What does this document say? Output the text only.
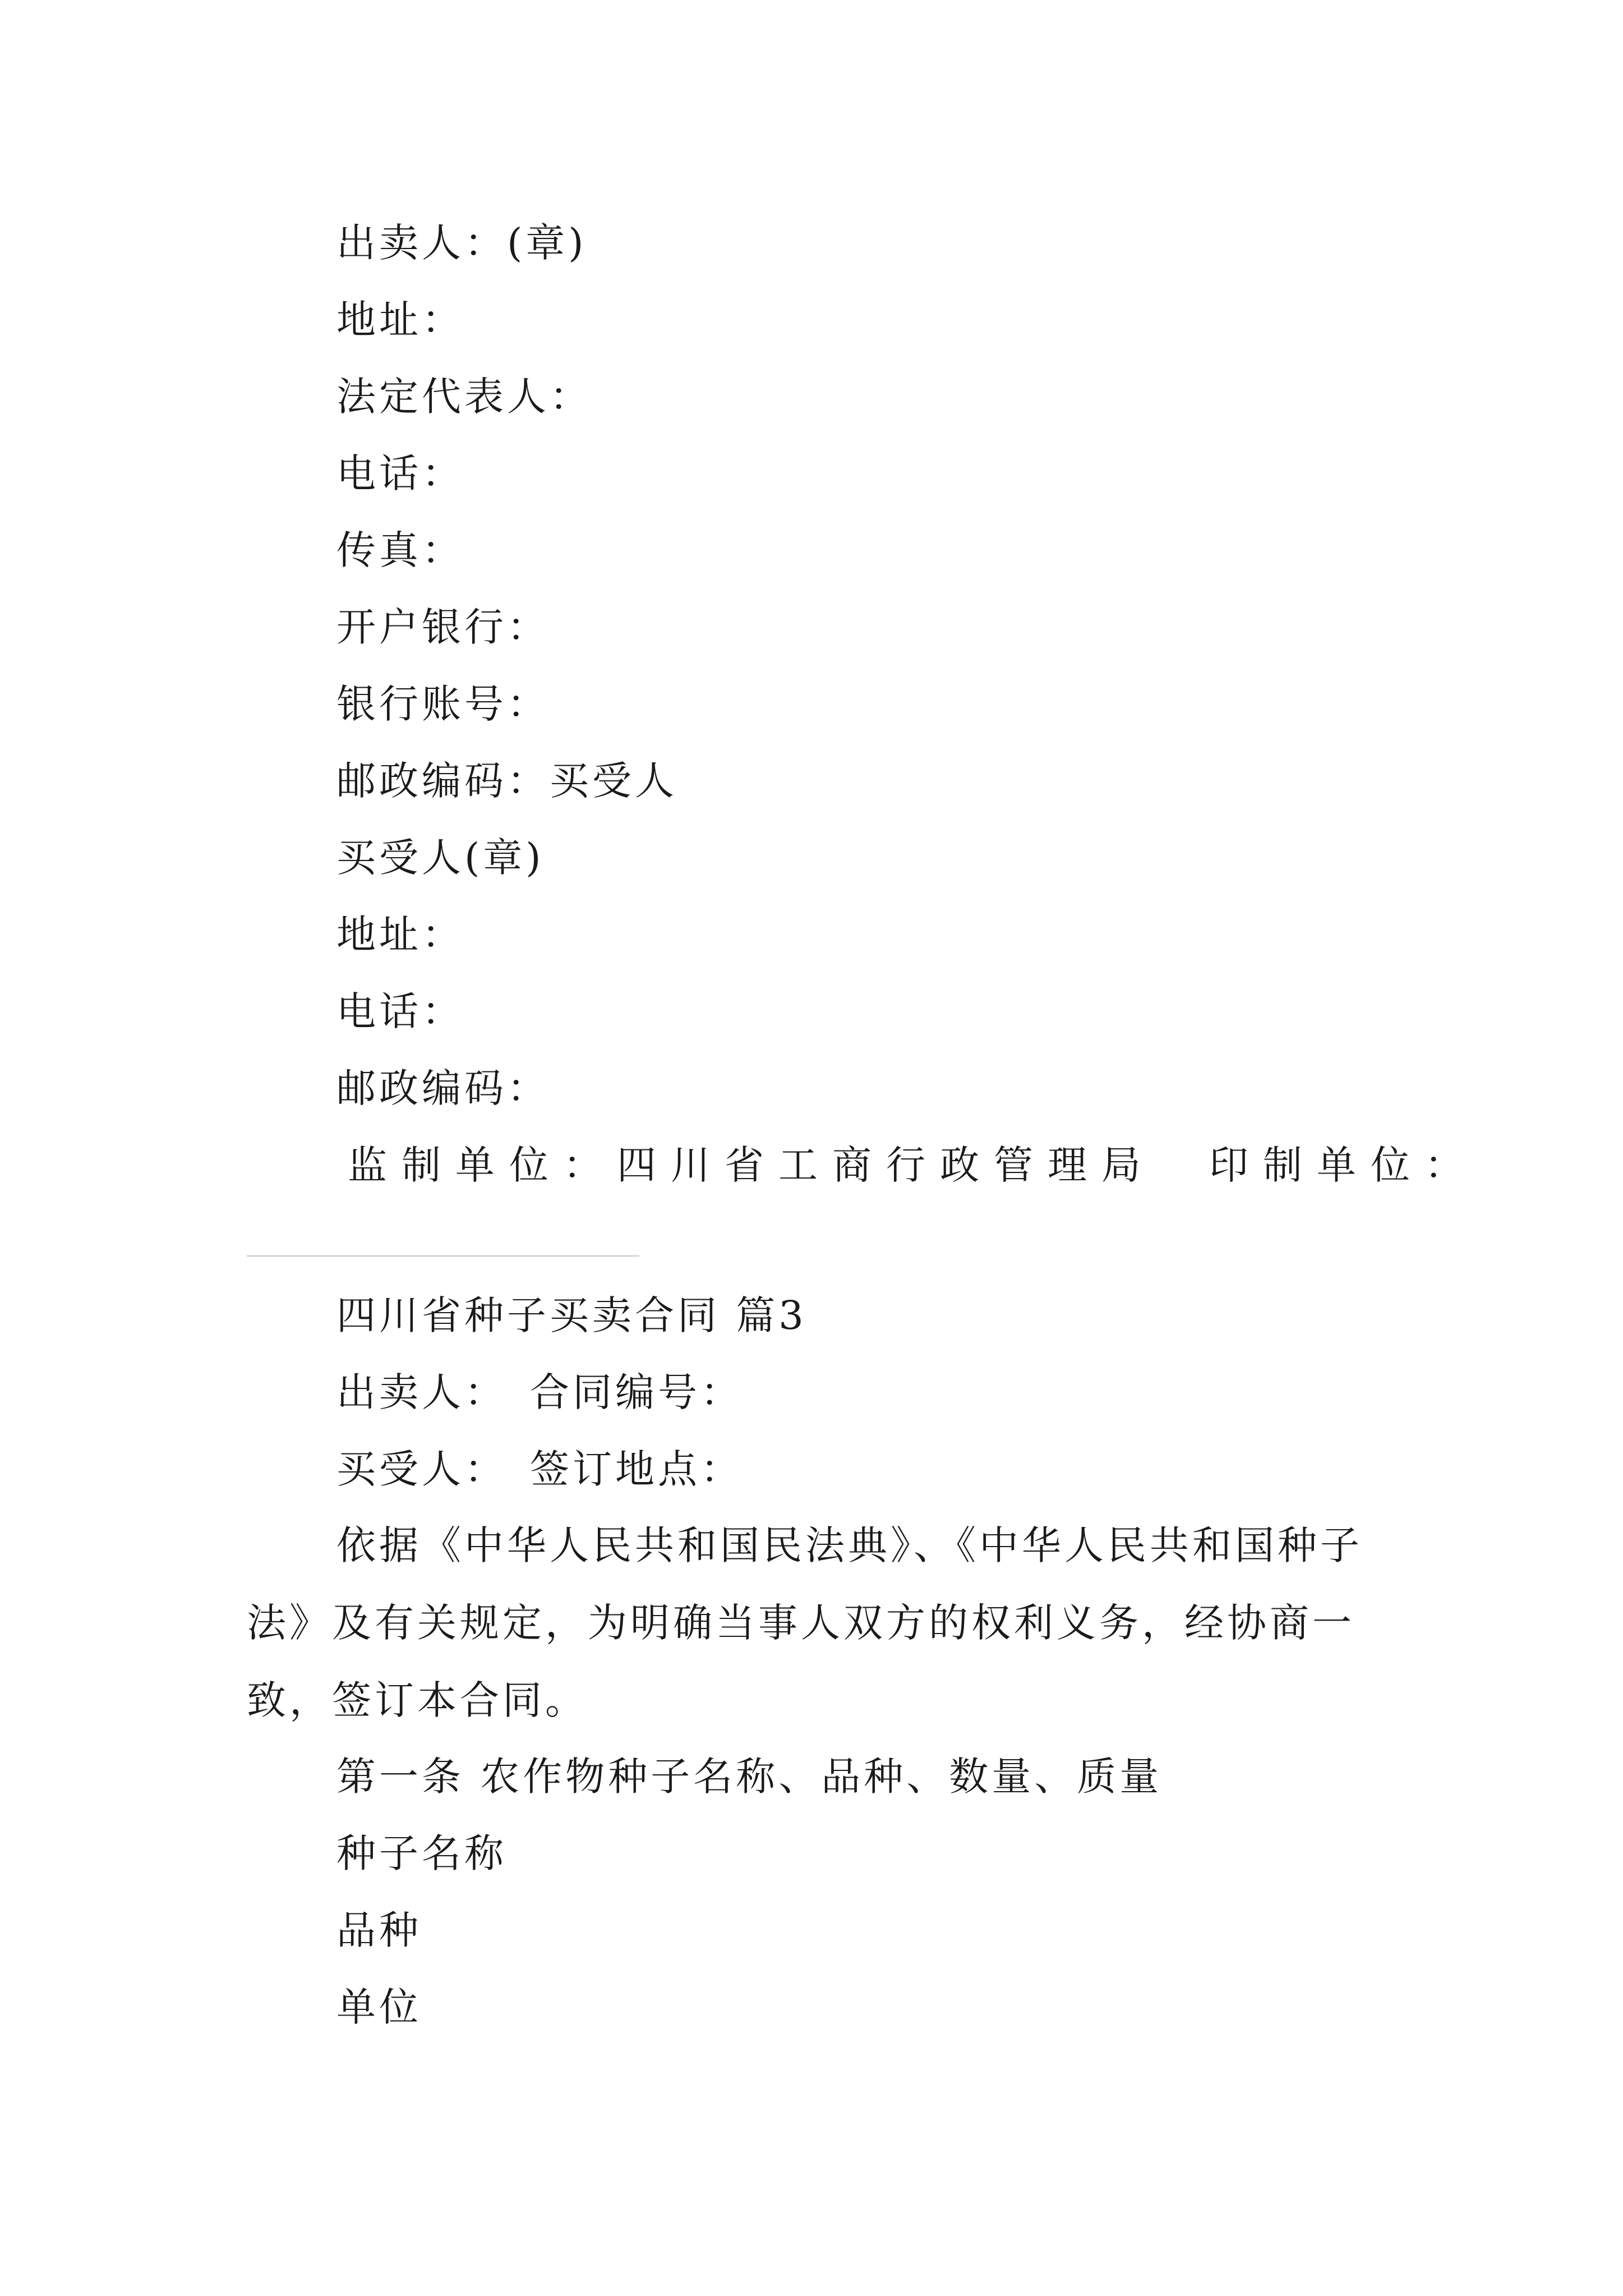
出卖人：(章)
地址：
法定代表人：
电话：
传真：
开户银行：
银行账号：
邮政编码：买受人
买受人(章)
地址：
电话：
邮政编码：
监制单位：四川省工商行政管理局　印制单位：
四川省种子买卖合同 篇3
出卖人：　合同编号：
买受人：　签订地点：
依据《中华人民共和国民法典》、《中华人民共和国种子法》及有关规定，为明确当事人双方的权利义务，经协商一致，签订本合同。
第一条 农作物种子名称、品种、数量、质量
种子名称
品种
单位
